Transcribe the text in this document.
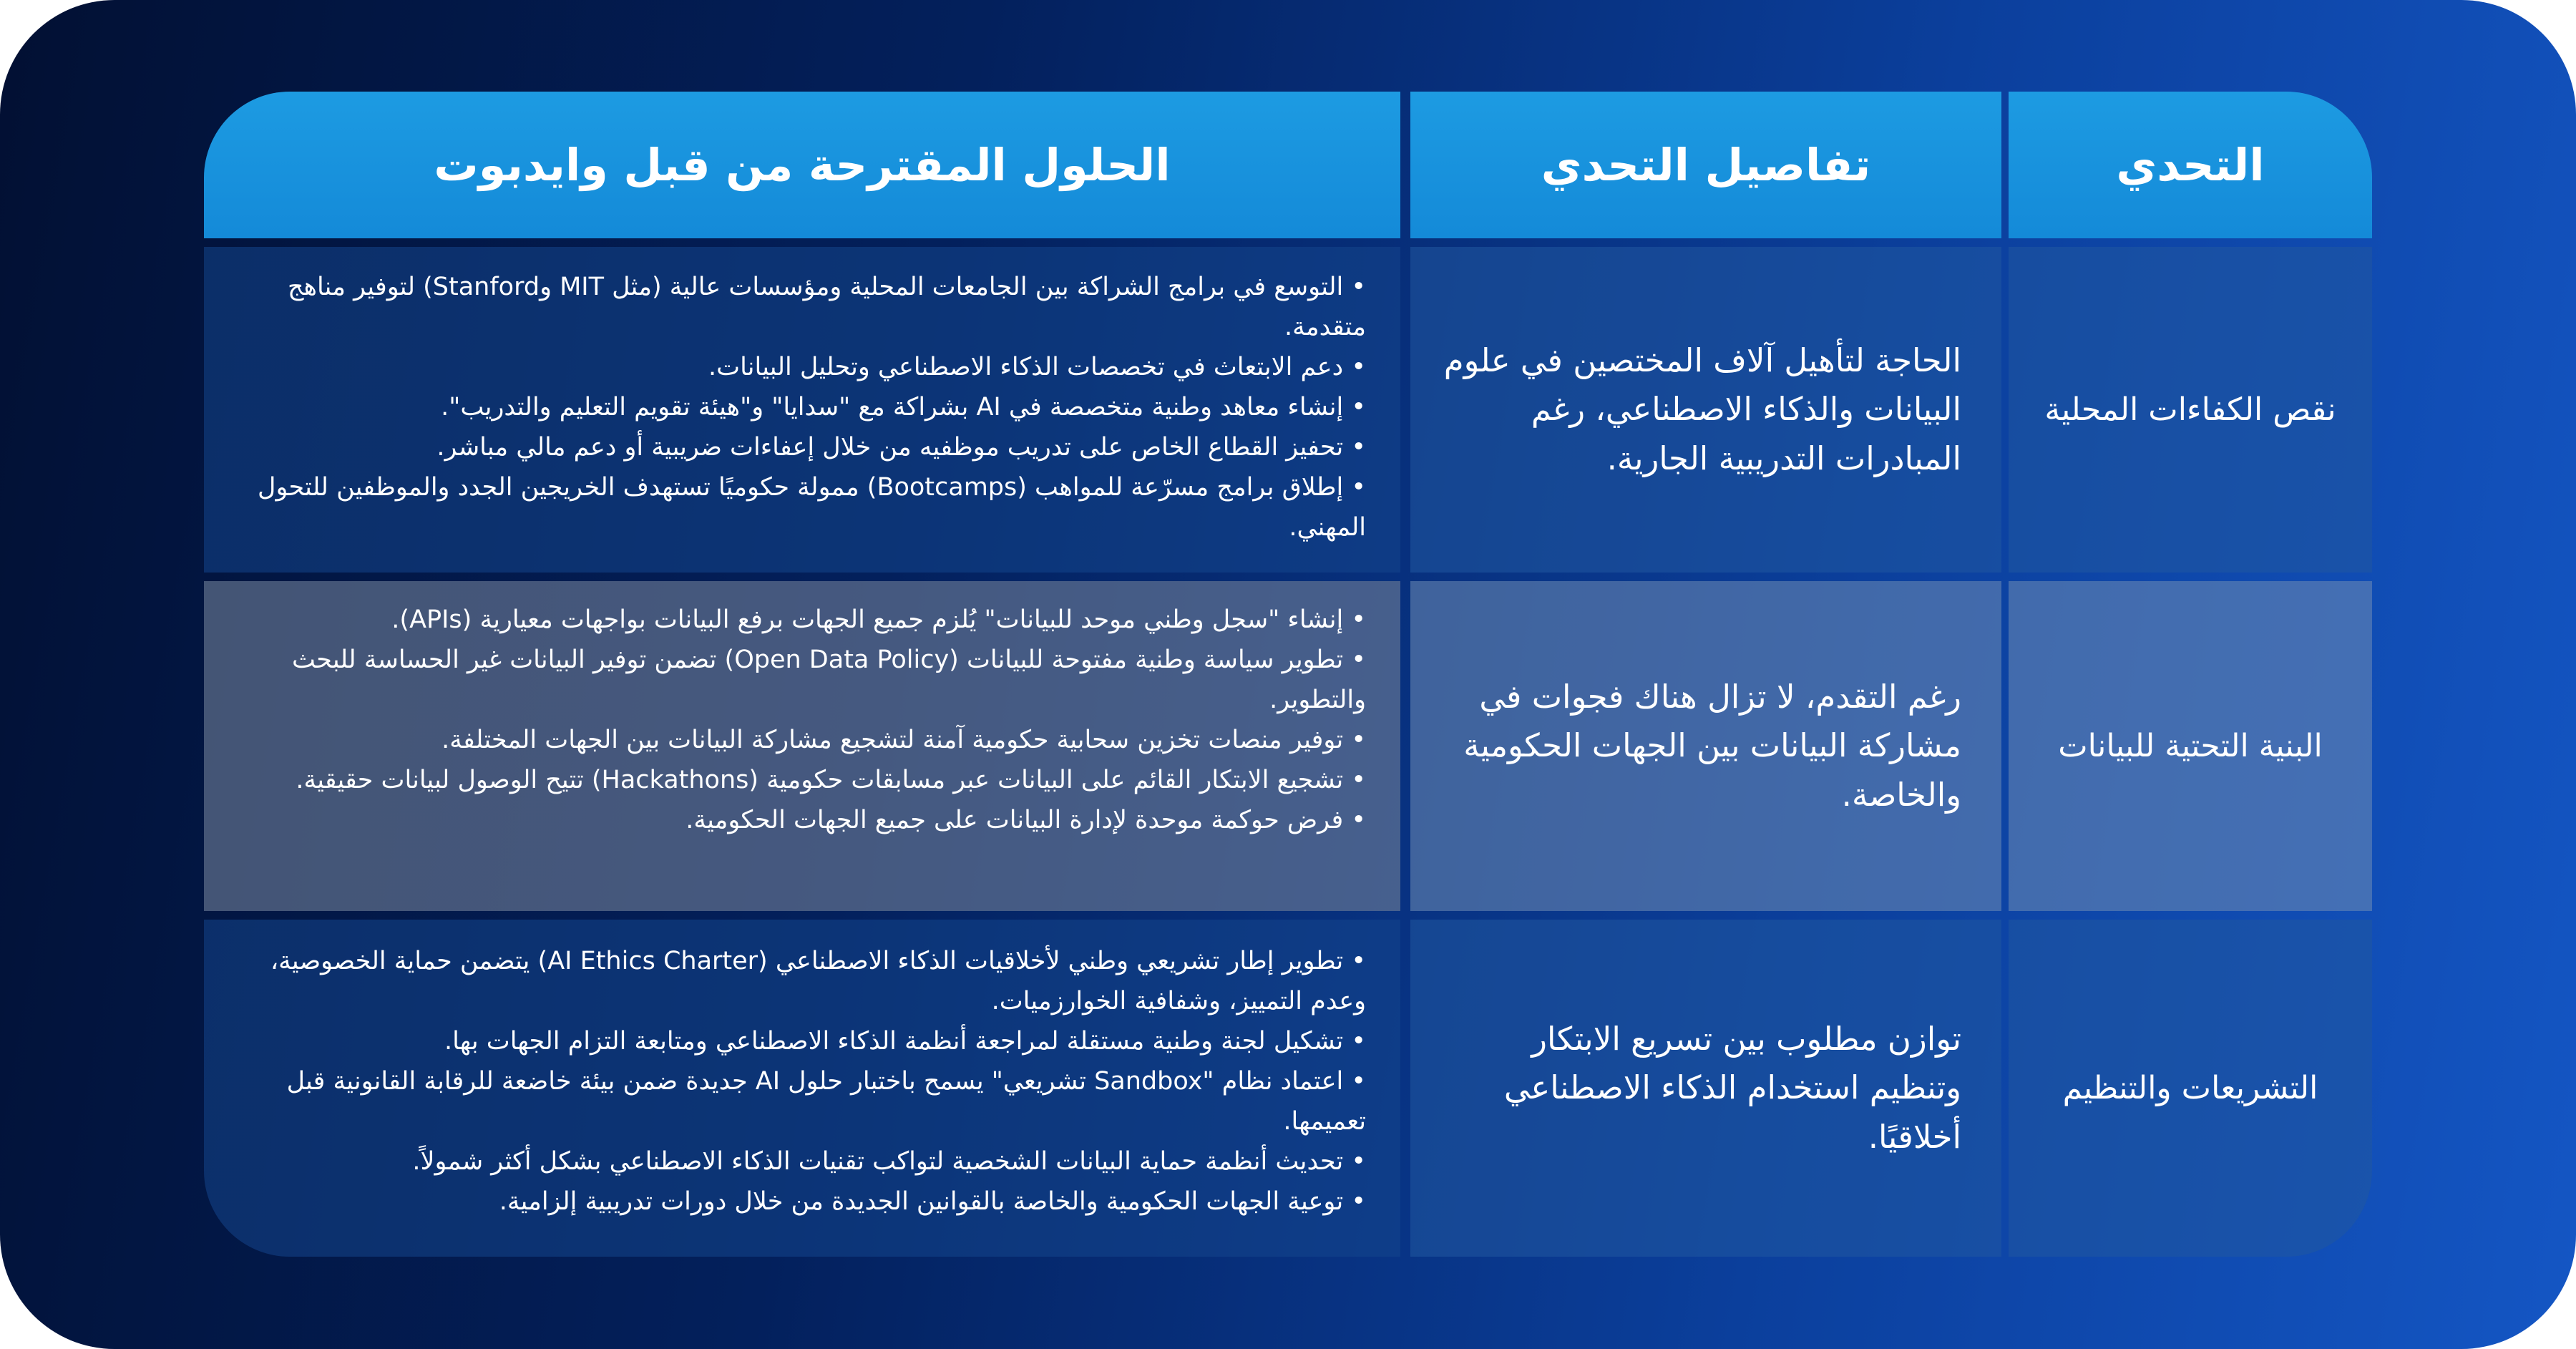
التحدي
تفاصيل التحدي
الحلول المقترحة من قبل وايدبوت
نقص الكفاءات المحلية
الحاجة لتأهيل آلاف المختصين في علوم البيانات والذكاء الاصطناعي، رغم المبادرات التدريبية الجارية.
• التوسع في برامج الشراكة بين الجامعات المحلية ومؤسسات عالية (مثل MIT وStanford) لتوفير مناهج متقدمة.
• دعم الابتعاث في تخصصات الذكاء الاصطناعي وتحليل البيانات.
• إنشاء معاهد وطنية متخصصة في AI بشراكة مع "سدايا" و"هيئة تقويم التعليم والتدريب".
• تحفيز القطاع الخاص على تدريب موظفيه من خلال إعفاءات ضريبية أو دعم مالي مباشر.
• إطلاق برامج مسرّعة للمواهب (Bootcamps) ممولة حكوميًا تستهدف الخريجين الجدد والموظفين للتحول المهني.
البنية التحتية للبيانات
رغم التقدم، لا تزال هناك فجوات في مشاركة البيانات بين الجهات الحكومية والخاصة.
• إنشاء "سجل وطني موحد للبيانات" يُلزم جميع الجهات برفع البيانات بواجهات معيارية (APIs).
• تطوير سياسة وطنية مفتوحة للبيانات (Open Data Policy) تضمن توفير البيانات غير الحساسة للبحث والتطوير.
• توفير منصات تخزين سحابية حكومية آمنة لتشجيع مشاركة البيانات بين الجهات المختلفة.
• تشجيع الابتكار القائم على البيانات عبر مسابقات حكومية (Hackathons) تتيح الوصول لبيانات حقيقية.
• فرض حوكمة موحدة لإدارة البيانات على جميع الجهات الحكومية.
التشريعات والتنظيم
توازن مطلوب بين تسريع الابتكار وتنظيم استخدام الذكاء الاصطناعي أخلاقيًا.
• تطوير إطار تشريعي وطني لأخلاقيات الذكاء الاصطناعي (AI Ethics Charter) يتضمن حماية الخصوصية، وعدم التمييز، وشفافية الخوارزميات.
• تشكيل لجنة وطنية مستقلة لمراجعة أنظمة الذكاء الاصطناعي ومتابعة التزام الجهات بها.
• اعتماد نظام "Sandbox تشريعي" يسمح باختبار حلول AI جديدة ضمن بيئة خاضعة للرقابة القانونية قبل تعميمها.
• تحديث أنظمة حماية البيانات الشخصية لتواكب تقنيات الذكاء الاصطناعي بشكل أكثر شمولاً.
• توعية الجهات الحكومية والخاصة بالقوانين الجديدة من خلال دورات تدريبية إلزامية.
